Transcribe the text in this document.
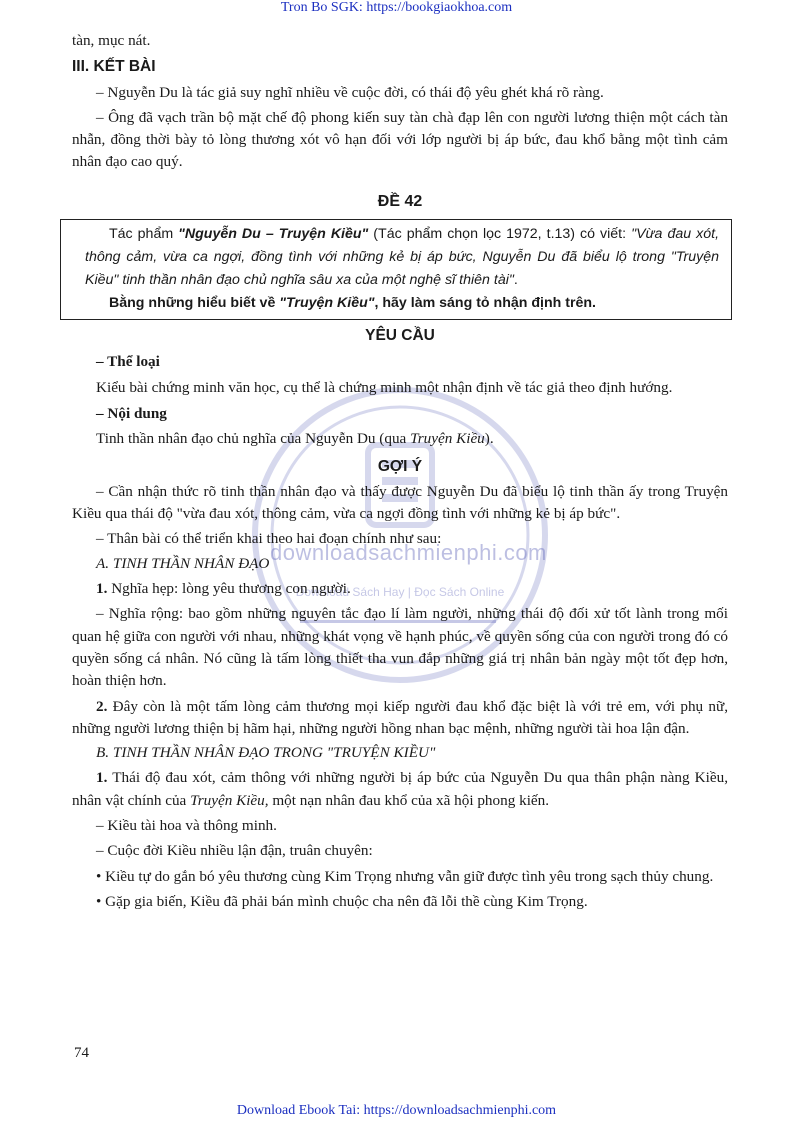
Tron Bo SGK: https://bookgiaokhoa.com
downloadsachmienphi.com
Download Sách Hay | Đọc Sách Online

tàn, mục nát.

III. KẾT BÀI

– Nguyễn Du là tác giả suy nghĩ nhiều về cuộc đời, có thái độ yêu ghét khá rõ ràng.

– Ông đã vạch trần bộ mặt chế độ phong kiến suy tàn chà đạp lên con người lương thiện một cách tàn nhẫn, đồng thời bày tỏ lòng thương xót vô hạn đối với lớp người bị áp bức, đau khổ bằng một tình cảm nhân đạo cao quý.

ĐỀ 42

Tác phẩm "Nguyễn Du – Truyện Kiều" (Tác phẩm chọn lọc 1972, t.13) có viết: "Vừa đau xót, thông cảm, vừa ca ngợi, đồng tình với những kẻ bị áp bức, Nguyễn Du đã biểu lộ trong "Truyện Kiều" tinh thần nhân đạo chủ nghĩa sâu xa của một nghệ sĩ thiên tài".

Bằng những hiểu biết về "Truyện Kiều", hãy làm sáng tỏ nhận định trên.

YÊU CẦU

– Thể loại

Kiểu bài chứng minh văn học, cụ thể là chứng minh một nhận định về tác giả theo định hướng.

– Nội dung

Tinh thần nhân đạo chủ nghĩa của Nguyễn Du (qua Truyện Kiều).

GỢI Ý

– Cần nhận thức rõ tinh thần nhân đạo và thấy được Nguyễn Du đã biểu lộ tinh thần ấy trong Truyện Kiều qua thái độ "vừa đau xót, thông cảm, vừa ca ngợi đồng tình với những kẻ bị áp bức".

– Thân bài có thể triển khai theo hai đoạn chính như sau:

A. TINH THẦN NHÂN ĐẠO

1. Nghĩa hẹp: lòng yêu thương con người.

– Nghĩa rộng: bao gồm những nguyên tắc đạo lí làm người, những thái độ đối xử tốt lành trong mối quan hệ giữa con người với nhau, những khát vọng về hạnh phúc, về quyền sống của con người trong đó có quyền sống cá nhân. Nó cũng là tấm lòng thiết tha vun đắp những giá trị nhân bản ngày một tốt đẹp hơn, hoàn thiện hơn.

2. Đây còn là một tấm lòng cảm thương mọi kiếp người đau khổ đặc biệt là với trẻ em, với phụ nữ, những người lương thiện bị hãm hại, những người hồng nhan bạc mệnh, những người tài hoa lận đận.

B. TINH THẦN NHÂN ĐẠO TRONG "TRUYỆN KIỀU"

1. Thái độ đau xót, cảm thông với những người bị áp bức của Nguyễn Du qua thân phận nàng Kiều, nhân vật chính của Truyện Kiều, một nạn nhân đau khổ của xã hội phong kiến.

– Kiều tài hoa và thông minh.

– Cuộc đời Kiều nhiều lận đận, truân chuyên:

• Kiều tự do gắn bó yêu thương cùng Kim Trọng nhưng vẫn giữ được tình yêu trong sạch thủy chung.

• Gặp gia biến, Kiều đã phải bán mình chuộc cha nên đã lỗi thề cùng Kim Trọng.

74
Download Ebook Tai: https://downloadsachmienphi.com
